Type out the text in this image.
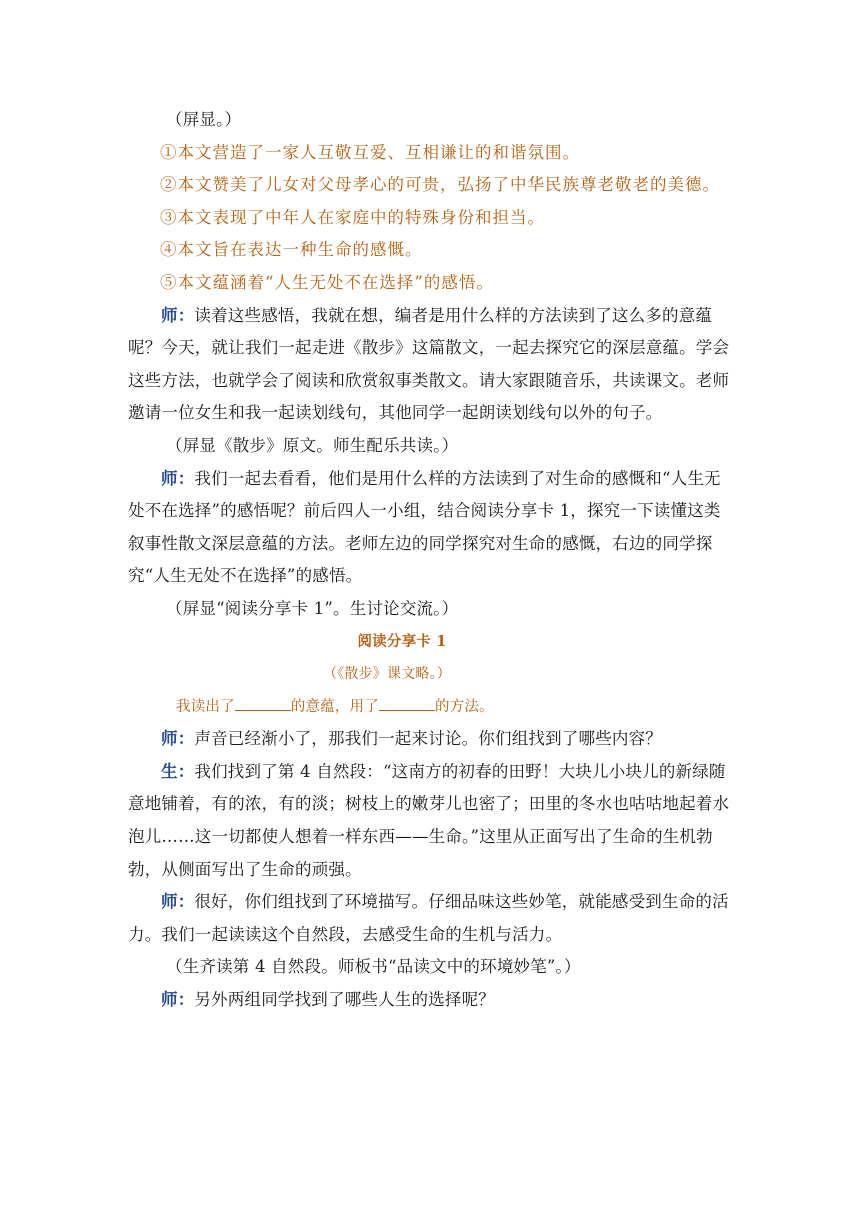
（屏显。）

①本文营造了一家人互敬互爱、互相谦让的和谐氛围。

②本文赞美了儿女对父母孝心的可贵，弘扬了中华民族尊老敬老的美德。

③本文表现了中年人在家庭中的特殊身份和担当。

④本文旨在表达一种生命的感慨。

⑤本文蕴涵着“人生无处不在选择”的感悟。

师：读着这些感悟，我就在想，编者是用什么样的方法读到了这么多的意蕴呢？今天，就让我们一起走进《散步》这篇散文，一起去探究它的深层意蕴。学会这些方法，也就学会了阅读和欣赏叙事类散文。请大家跟随音乐，共读课文。老师邀请一位女生和我一起读划线句，其他同学一起朗读划线句以外的句子。

（屏显《散步》原文。师生配乐共读。）

师：我们一起去看看，他们是用什么样的方法读到了对生命的感慨和“人生无处不在选择”的感悟呢？前后四人一小组，结合阅读分享卡 1，探究一下读懂这类叙事性散文深层意蕴的方法。老师左边的同学探究对生命的感慨，右边的同学探究“人生无处不在选择”的感悟。

（屏显“阅读分享卡 1”。生讨论交流。）

阅读分享卡 1

（《散步》课文略。）

我读出了	的意蕴，用了	的方法。

师：声音已经渐小了，那我们一起来讨论。你们组找到了哪些内容？

生：我们找到了第 4 自然段：“这南方的初春的田野！大块儿小块儿的新绿随意地铺着，有的浓，有的淡；树枝上的嫩芽儿也密了；田里的冬水也咕咕地起着水泡儿……这一切都使人想着一样东西——生命。”这里从正面写出了生命的生机勃勃，从侧面写出了生命的顽强。

师：很好，你们组找到了环境描写。仔细品味这些妙笔，就能感受到生命的活力。我们一起读读这个自然段，去感受生命的生机与活力。

（生齐读第 4 自然段。师板书“品读文中的环境妙笔”。）

师：另外两组同学找到了哪些人生的选择呢？
